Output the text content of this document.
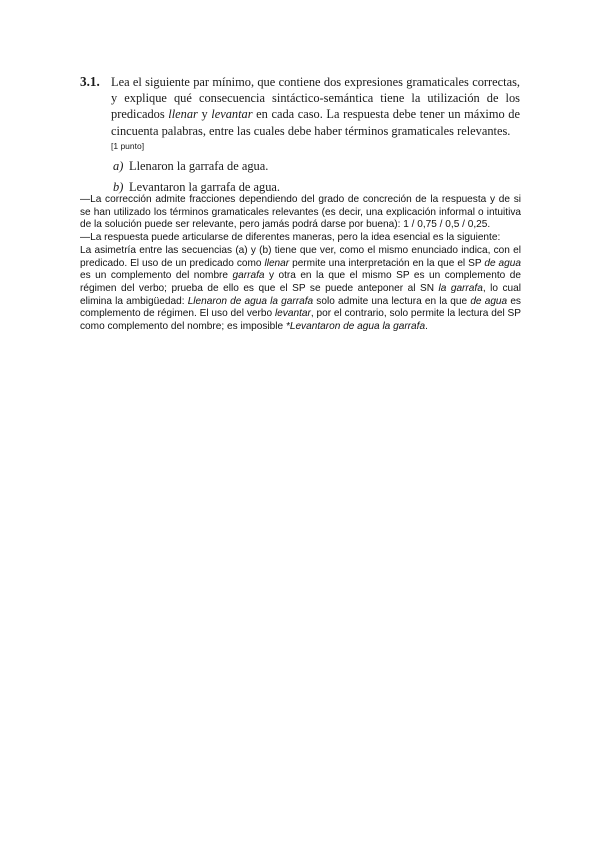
3.1. Lea el siguiente par mínimo, que contiene dos expresiones gramaticales correctas, y explique qué consecuencia sintáctico-semántica tiene la utilización de los predicados llenar y levantar en cada caso. La respuesta debe tener un máximo de cincuenta palabras, entre las cuales debe haber términos gramaticales relevantes.
[1 punto]
a) Llenaron la garrafa de agua.
b) Levantaron la garrafa de agua.

—La corrección admite fracciones dependiendo del grado de concreción de la respuesta y de si se han utilizado los términos gramaticales relevantes (es decir, una explicación informal o intuitiva de la solución puede ser relevante, pero jamás podrá darse por buena): 1 / 0,75 / 0,5 / 0,25.

—La respuesta puede articularse de diferentes maneras, pero la idea esencial es la siguiente:

La asimetría entre las secuencias (a) y (b) tiene que ver, como el mismo enunciado indica, con el predicado. El uso de un predicado como llenar permite una interpretación en la que el SP de agua es un complemento del nombre garrafa y otra en la que el mismo SP es un complemento de régimen del verbo; prueba de ello es que el SP se puede anteponer al SN la garrafa, lo cual elimina la ambigüedad: Llenaron de agua la garrafa solo admite una lectura en la que de agua es complemento de régimen. El uso del verbo levantar, por el contrario, solo permite la lectura del SP como complemento del nombre; es imposible *Levantaron de agua la garrafa.
